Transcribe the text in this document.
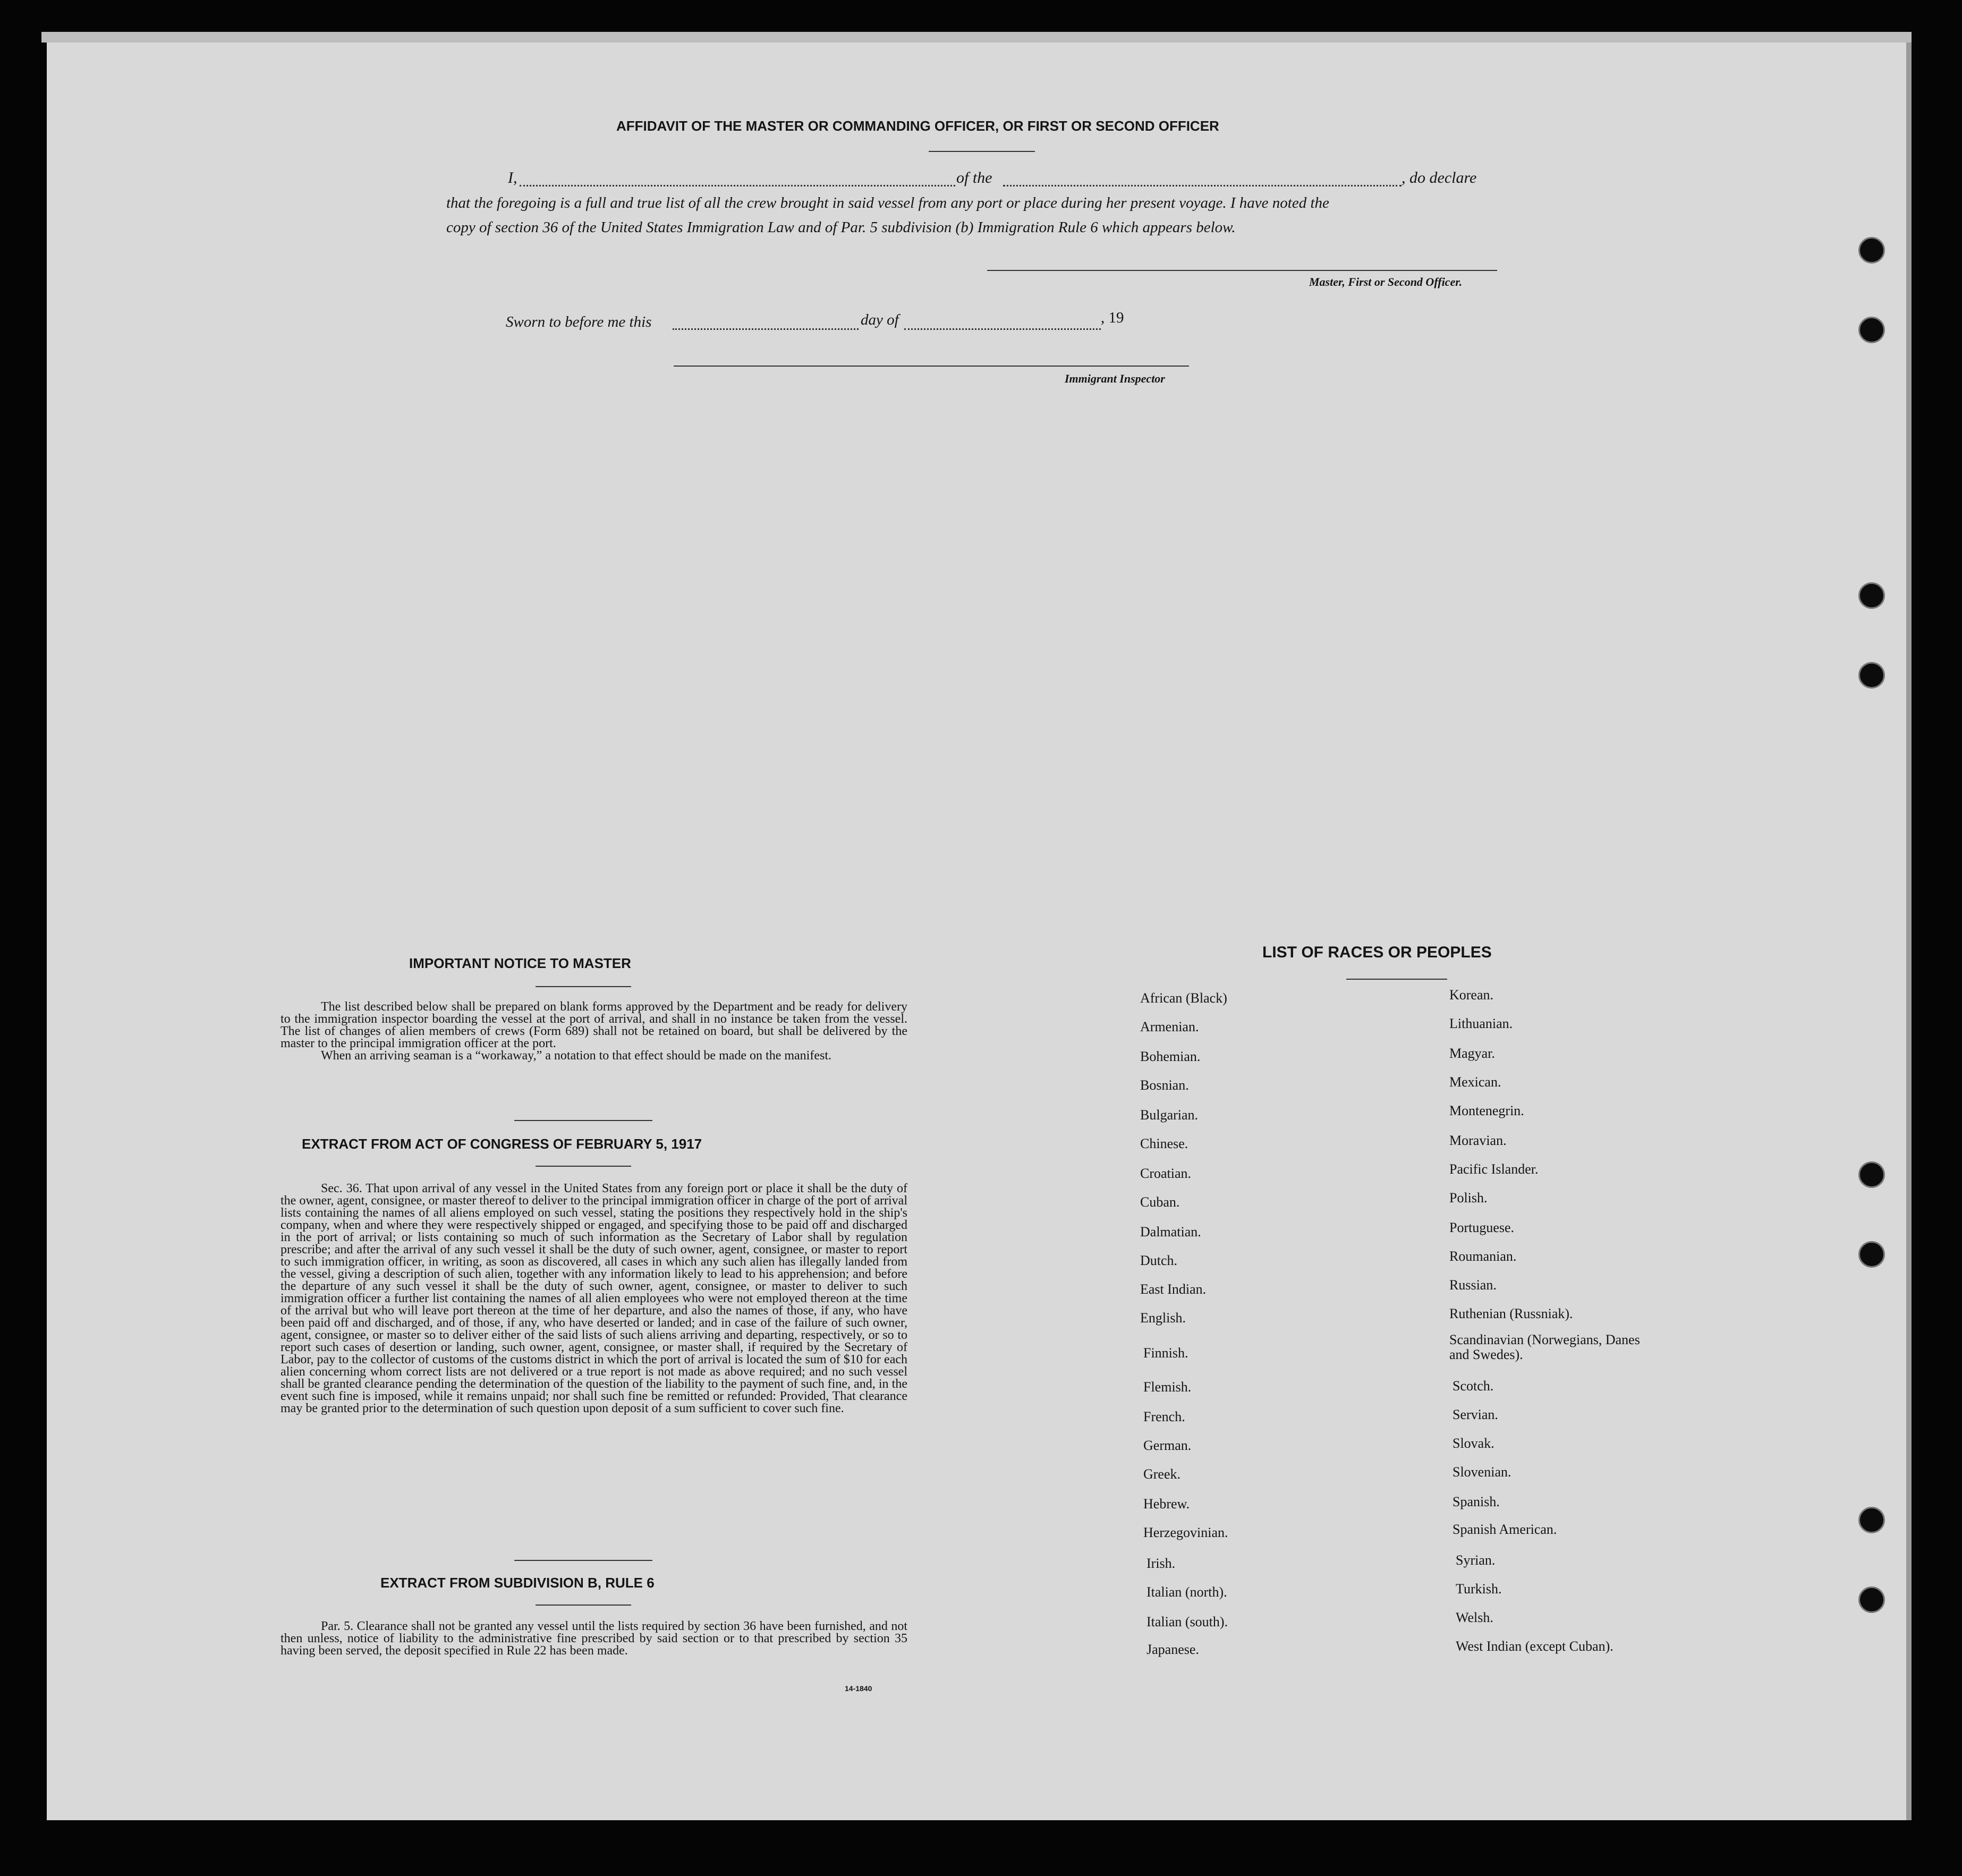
AFFIDAVIT OF THE MASTER OR COMMANDING OFFICER, OR FIRST OR SECOND OFFICER
I,	of the	, do declare
that the foregoing is a full and true list of all the crew brought in said vessel from any port or place during her present voyage. I have noted the
copy of section 36 of the United States Immigration Law and of Par. 5 subdivision (b) Immigration Rule 6 which appears below.
Master, First or Second Officer.
Sworn to before me this	day of	, 19
Immigrant Inspector
IMPORTANT NOTICE TO MASTER

The list described below shall be prepared on blank forms approved by the Department and be ready for delivery to the immigration inspector boarding the vessel at the port of arrival, and shall in no instance be taken from the vessel. The list of changes of alien members of crews (Form 689) shall not be retained on board, but shall be delivered by the master to the principal immigration officer at the port.

When an arriving seaman is a “workaway,” a notation to that effect should be made on the manifest.

EXTRACT FROM ACT OF CONGRESS OF FEBRUARY 5, 1917

Sec. 36. That upon arrival of any vessel in the United States from any foreign port or place it shall be the duty of the owner, agent, consignee, or master thereof to deliver to the principal immigration officer in charge of the port of arrival lists containing the names of all aliens employed on such vessel, stating the positions they respectively hold in the ship's company, when and where they were respectively shipped or engaged, and specifying those to be paid off and discharged in the port of arrival; or lists containing so much of such information as the Secretary of Labor shall by regulation prescribe; and after the arrival of any such vessel it shall be the duty of such owner, agent, consignee, or master to report to such immigration officer, in writing, as soon as discovered, all cases in which any such alien has illegally landed from the vessel, giving a description of such alien, together with any information likely to lead to his apprehension; and before the departure of any such vessel it shall be the duty of such owner, agent, consignee, or master to deliver to such immigration officer a further list containing the names of all alien employees who were not employed thereon at the time of the arrival but who will leave port thereon at the time of her departure, and also the names of those, if any, who have been paid off and discharged, and of those, if any, who have deserted or landed; and in case of the failure of such owner, agent, consignee, or master so to deliver either of the said lists of such aliens arriving and departing, respectively, or so to report such cases of desertion or landing, such owner, agent, consignee, or master shall, if required by the Secretary of Labor, pay to the collector of customs of the customs district in which the port of arrival is located the sum of $10 for each alien concerning whom correct lists are not delivered or a true report is not made as above required; and no such vessel shall be granted clearance pending the determination of the question of the liability to the payment of such fine, and, in the event such fine is imposed, while it remains unpaid; nor shall such fine be remitted or refunded: Provided, That clearance may be granted prior to the determination of such question upon deposit of a sum sufficient to cover such fine.

EXTRACT FROM SUBDIVISION B, RULE 6

Par. 5. Clearance shall not be granted any vessel until the lists required by section 36 have been furnished, and not then unless, notice of liability to the administrative fine prescribed by said section or to that prescribed by section 35 having been served, the deposit specified in Rule 22 has been made.

14-1840
LIST OF RACES OR PEOPLES
African (Black)
Armenian.
Bohemian.
Bosnian.
Bulgarian.
Chinese.
Croatian.
Cuban.
Dalmatian.
Dutch.
East Indian.
English.
Finnish.
Flemish.
French.
German.
Greek.
Hebrew.
Herzegovinian.
Irish.
Italian (north).
Italian (south).
Japanese.
Korean.
Lithuanian.
Magyar.
Mexican.
Montenegrin.
Moravian.
Pacific Islander.
Polish.
Portuguese.
Roumanian.
Russian.
Ruthenian (Russniak).
Scandinavian (Norwegians, Danes and Swedes).
Scotch.
Servian.
Slovak.
Slovenian.
Spanish.
Spanish American.
Syrian.
Turkish.
Welsh.
West Indian (except Cuban).
